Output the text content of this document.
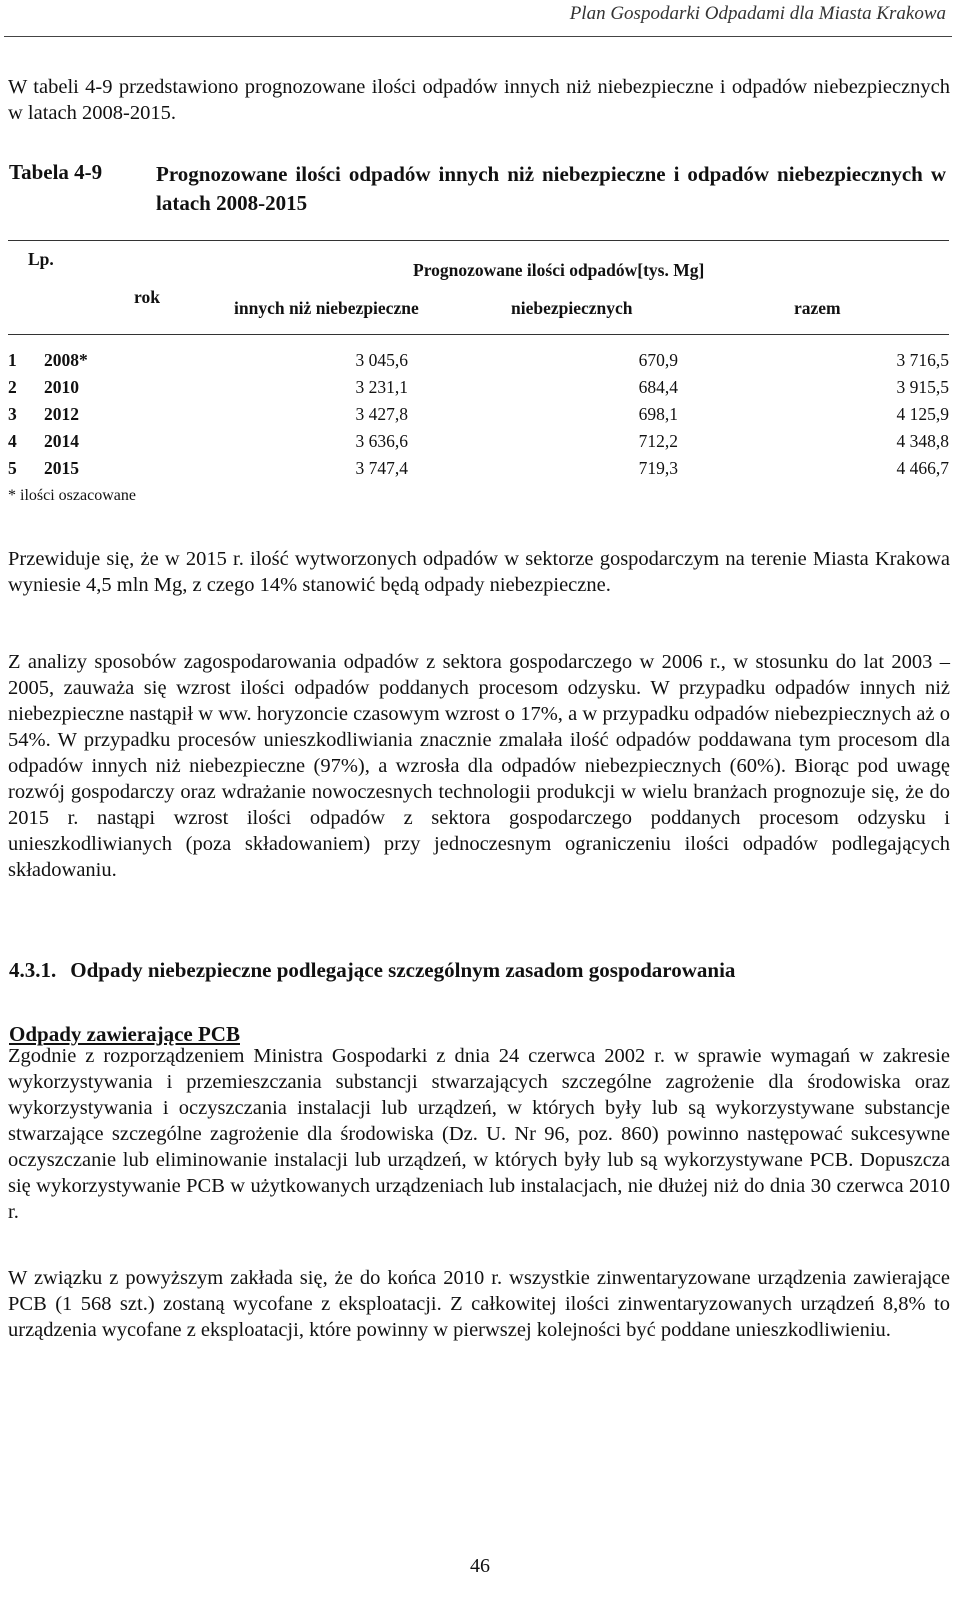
Plan Gospodarki Odpadami dla Miasta Krakowa

W tabeli 4-9 przedstawiono prognozowane ilości odpadów innych niż niebezpieczne i odpadów niebezpiecznych w latach 2008-2015.

Tabela 4-9	Prognozowane ilości odpadów innych niż niebezpieczne i odpadów niebezpiecznych w latach 2008-2015
Lp.
rok
Prognozowane ilości odpadów[tys. Mg]
innych niż niebezpieczne	niebezpiecznych	razem
1 2008*	3 045,6	670,9	3 716,5
2 2010	3 231,1	684,4	3 915,5
3 2012	3 427,8	698,1	4 125,9
4 2014	3 636,6	712,2	4 348,8
5 2015	3 747,4	719,3	4 466,7
* ilości oszacowane

Przewiduje się, że w 2015 r. ilość wytworzonych odpadów w sektorze gospodarczym na terenie Miasta Krakowa wyniesie 4,5 mln Mg, z czego 14% stanowić będą odpady niebezpieczne.

Z analizy sposobów zagospodarowania odpadów z sektora gospodarczego w 2006 r., w stosunku do lat 2003 – 2005, zauważa się wzrost ilości odpadów poddanych procesom odzysku. W przypadku odpadów innych niż niebezpieczne nastąpił w ww. horyzoncie czasowym wzrost o 17%, a w przypadku odpadów niebezpiecznych aż o 54%. W przypadku procesów unieszkodliwiania znacznie zmalała ilość odpadów poddawana tym procesom dla odpadów innych niż niebezpieczne (97%), a wzrosła dla odpadów niebezpiecznych (60%). Biorąc pod uwagę rozwój gospodarczy oraz wdrażanie nowoczesnych technologii produkcji w wielu branżach prognozuje się, że do 2015 r. nastąpi wzrost ilości odpadów z sektora gospodarczego poddanych procesom odzysku i unieszkodliwianych (poza składowaniem) przy jednoczesnym ograniczeniu ilości odpadów podlegających składowaniu.

4.3.1. Odpady niebezpieczne podlegające szczególnym zasadom gospodarowania
Odpady zawierające PCB

Zgodnie z rozporządzeniem Ministra Gospodarki z dnia 24 czerwca 2002 r. w sprawie wymagań w zakresie wykorzystywania i przemieszczania substancji stwarzających szczególne zagrożenie dla środowiska oraz wykorzystywania i oczyszczania instalacji lub urządzeń, w których były lub są wykorzystywane substancje stwarzające szczególne zagrożenie dla środowiska (Dz. U. Nr 96, poz. 860) powinno następować sukcesywne oczyszczanie lub eliminowanie instalacji lub urządzeń, w których były lub są wykorzystywane PCB. Dopuszcza się wykorzystywanie PCB w użytkowanych urządzeniach lub instalacjach, nie dłużej niż do dnia 30 czerwca 2010 r.

W związku z powyższym zakłada się, że do końca 2010 r. wszystkie zinwentaryzowane urządzenia zawierające PCB (1 568 szt.) zostaną wycofane z eksploatacji. Z całkowitej ilości zinwentaryzowanych urządzeń 8,8% to urządzenia wycofane z eksploatacji, które powinny w pierwszej kolejności być poddane unieszkodliwieniu.

46
